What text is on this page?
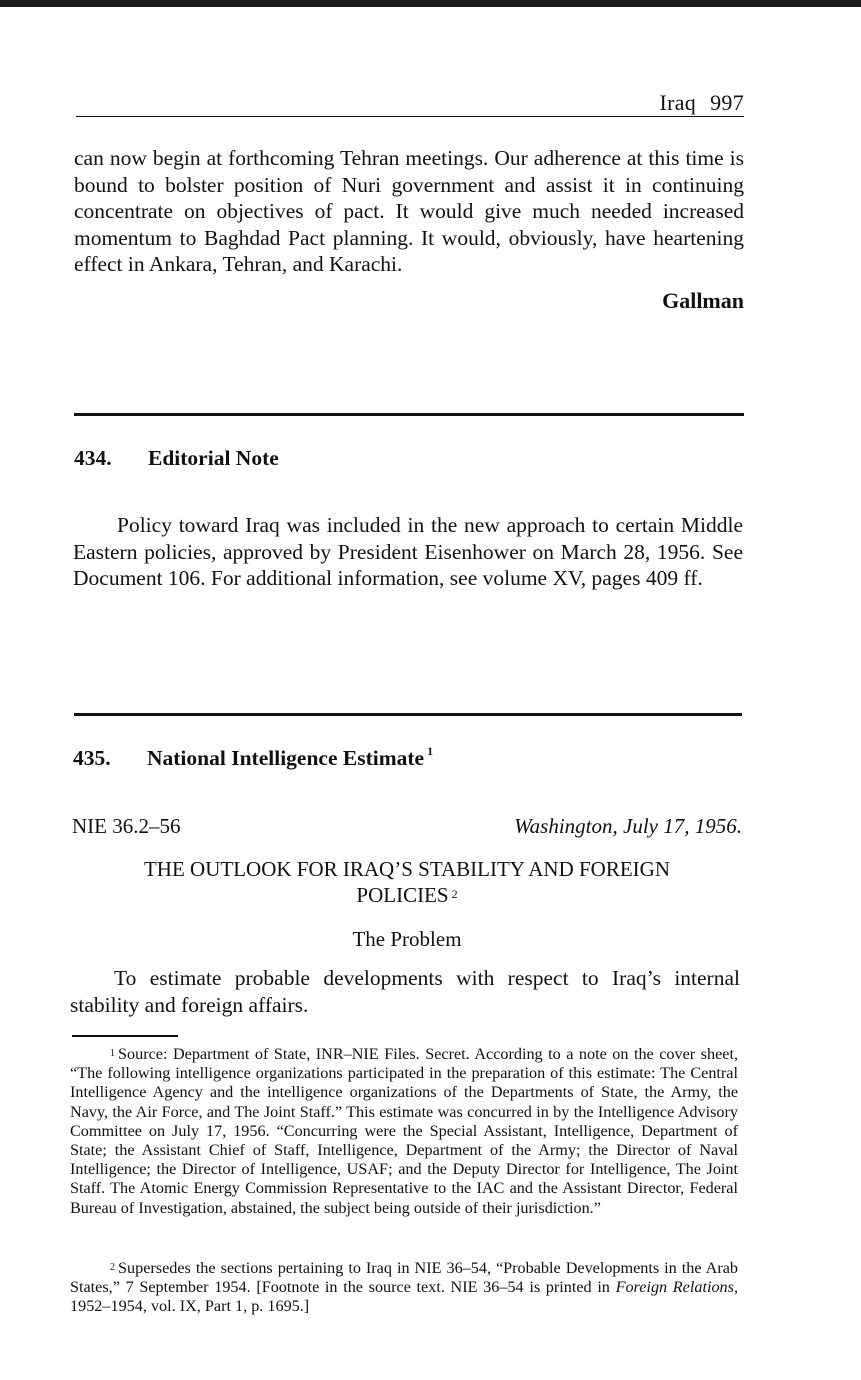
Iraq 997

can now begin at forthcoming Tehran meetings. Our adherence at this time is bound to bolster position of Nuri government and assist it in continuing concentrate on objectives of pact. It would give much needed increased momentum to Baghdad Pact planning. It would, obviously, have heartening effect in Ankara, Tehran, and Karachi.

Gallman
434. Editorial Note

Policy toward Iraq was included in the new approach to certain Middle Eastern policies, approved by President Eisenhower on March 28, 1956. See Document 106. For additional information, see volume XV, pages 409 ff.

435. National Intelligence Estimate $^1$
NIE 36.2–56	Washington, July 17, 1956.
THE OUTLOOK FOR IRAQ’S STABILITY AND FOREIGN
POLICIES $^2$
The Problem

To estimate probable developments with respect to Iraq’s internal stability and foreign affairs.

$^1$ Source: Department of State, INR–NIE Files. Secret. According to a note on the cover sheet, “The following intelligence organizations participated in the preparation of this estimate: The Central Intelligence Agency and the intelligence organizations of the Departments of State, the Army, the Navy, the Air Force, and The Joint Staff.” This estimate was concurred in by the Intelligence Advisory Committee on July 17, 1956. “Concurring were the Special Assistant, Intelligence, Department of State; the Assistant Chief of Staff, Intelligence, Department of the Army; the Director of Naval Intelligence; the Director of Intelligence, USAF; and the Deputy Director for Intelligence, The Joint Staff. The Atomic Energy Commission Representative to the IAC and the Assistant Director, Federal Bureau of Investigation, abstained, the subject being outside of their jurisdiction.”

$^2$ Supersedes the sections pertaining to Iraq in NIE 36–54, “Probable Developments in the Arab States,” 7 September 1954. [Footnote in the source text. NIE 36–54 is printed in Foreign Relations, 1952–1954, vol. IX, Part 1, p. 1695.]
